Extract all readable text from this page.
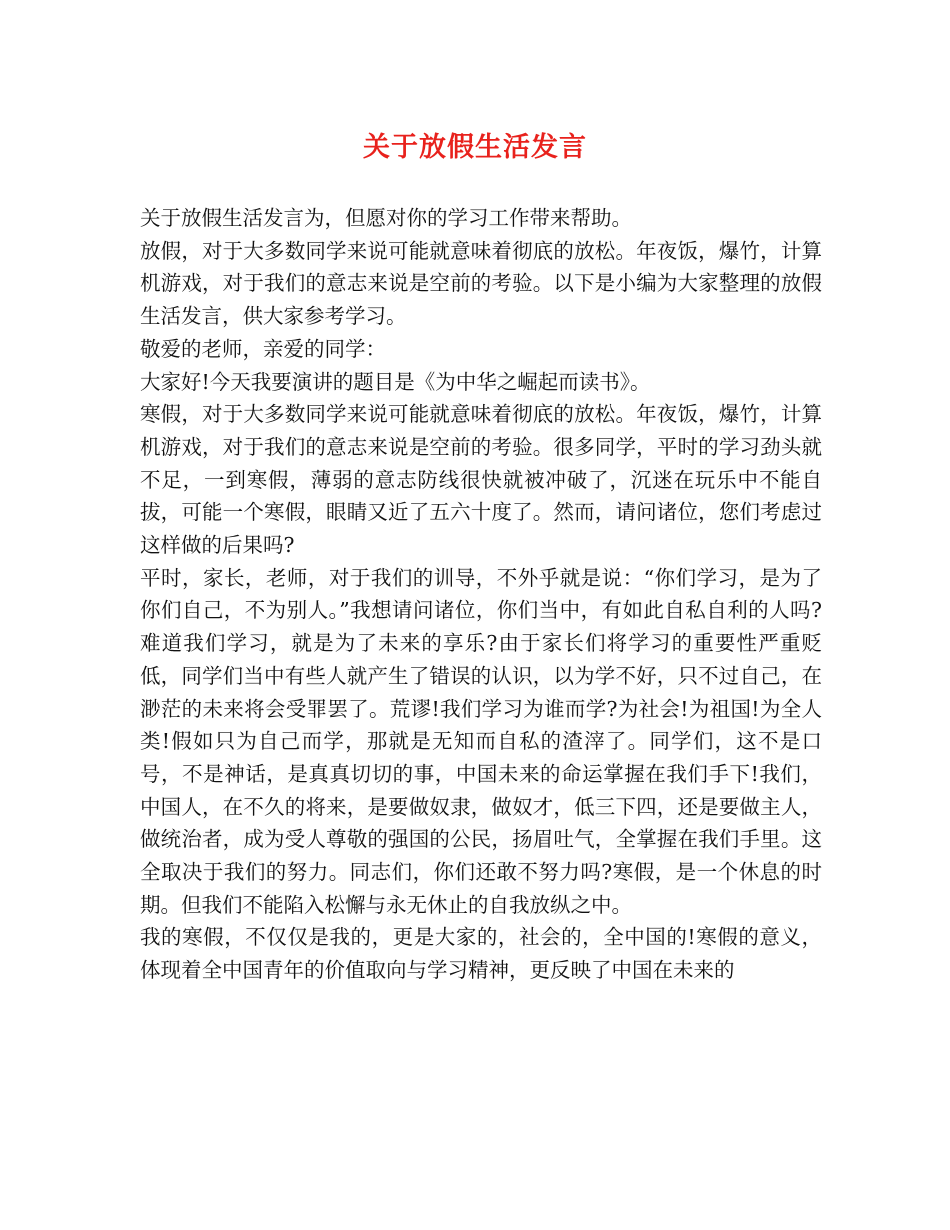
关于放假生活发言

关于放假生活发言为，但愿对你的学习工作带来帮助。

放假，对于大多数同学来说可能就意味着彻底的放松。年夜饭，爆竹，计算机游戏，对于我们的意志来说是空前的考验。以下是小编为大家整理的放假生活发言，供大家参考学习。

敬爱的老师，亲爱的同学：

大家好!今天我要演讲的题目是《为中华之崛起而读书》。

寒假，对于大多数同学来说可能就意味着彻底的放松。年夜饭，爆竹，计算机游戏，对于我们的意志来说是空前的考验。很多同学，平时的学习劲头就不足，一到寒假，薄弱的意志防线很快就被冲破了，沉迷在玩乐中不能自拔，可能一个寒假，眼睛又近了五六十度了。然而，请问诸位，您们考虑过这样做的后果吗?

平时，家长，老师，对于我们的训导，不外乎就是说：“你们学习，是为了你们自己，不为别人。”我想请问诸位，你们当中，有如此自私自利的人吗?难道我们学习，就是为了未来的享乐?由于家长们将学习的重要性严重贬低，同学们当中有些人就产生了错误的认识，以为学不好，只不过自己，在渺茫的未来将会受罪罢了。荒谬!我们学习为谁而学?为社会!为祖国!为全人类!假如只为自己而学，那就是无知而自私的渣滓了。同学们，这不是口号，不是神话，是真真切切的事，中国未来的命运掌握在我们手下!我们，中国人，在不久的将来，是要做奴隶，做奴才，低三下四，还是要做主人，做统治者，成为受人尊敬的强国的公民，扬眉吐气，全掌握在我们手里。这全取决于我们的努力。同志们，你们还敢不努力吗?寒假，是一个休息的时期。但我们不能陷入松懈与永无休止的自我放纵之中。

我的寒假，不仅仅是我的，更是大家的，社会的，全中国的!寒假的意义，体现着全中国青年的价值取向与学习精神，更反映了中国在未来的
